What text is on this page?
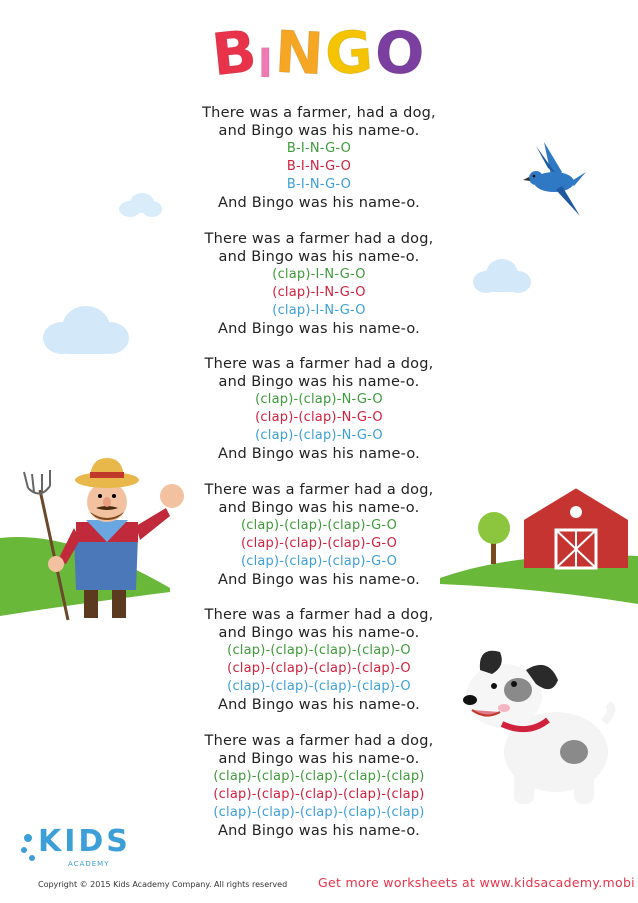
BINGO
There was a farmer, had a dog,
and Bingo was his name-o.
B-I-N-G-O
B-I-N-G-O
B-I-N-G-O
And Bingo was his name-o.
There was a farmer had a dog,
and Bingo was his name-o.
(clap)-I-N-G-O
(clap)-I-N-G-O
(clap)-I-N-G-O
And Bingo was his name-o.
There was a farmer had a dog,
and Bingo was his name-o.
(clap)-(clap)-N-G-O
(clap)-(clap)-N-G-O
(clap)-(clap)-N-G-O
And Bingo was his name-o.
There was a farmer had a dog,
and Bingo was his name-o.
(clap)-(clap)-(clap)-G-O
(clap)-(clap)-(clap)-G-O
(clap)-(clap)-(clap)-G-O
And Bingo was his name-o.
There was a farmer had a dog,
and Bingo was his name-o.
(clap)-(clap)-(clap)-(clap)-O
(clap)-(clap)-(clap)-(clap)-O
(clap)-(clap)-(clap)-(clap)-O
And Bingo was his name-o.
There was a farmer had a dog,
and Bingo was his name-o.
(clap)-(clap)-(clap)-(clap)-(clap)
(clap)-(clap)-(clap)-(clap)-(clap)
(clap)-(clap)-(clap)-(clap)-(clap)
And Bingo was his name-o.
KIDS
ACADEMY
Copyright © 2015 Kids Academy Company. All rights reserved Get more worksheets at www.kidsacademy.mobi
